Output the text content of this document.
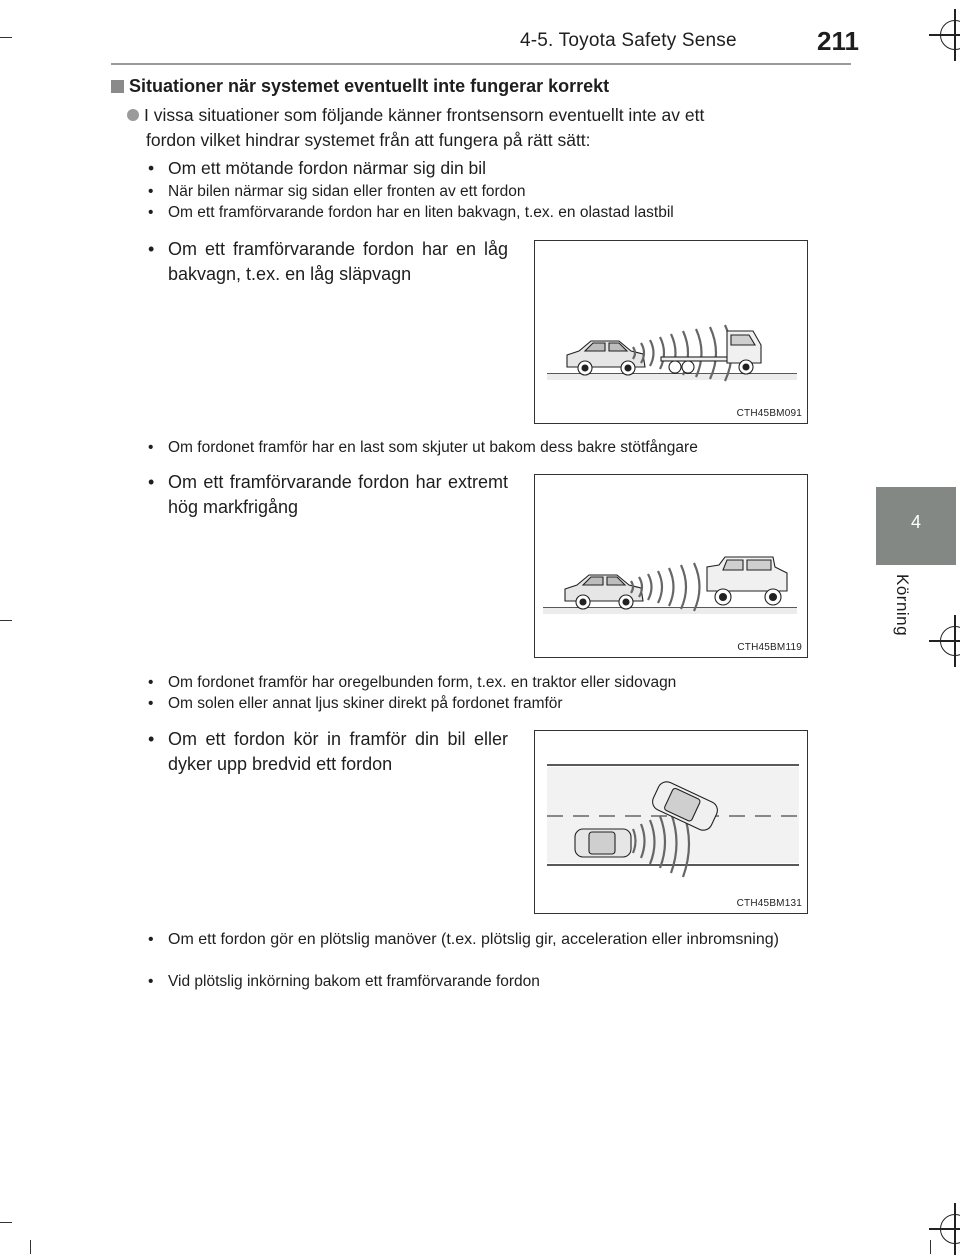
4-5. Toyota Safety Sense	211
4
Körning
Situationer när systemet eventuellt inte fungerar korrekt

I vissa situationer som följande känner frontsensorn eventuellt inte av ett

fordon vilket hindrar systemet från att fungera på rätt sätt:

• Om ett mötande fordon närmar sig din bil
• När bilen närmar sig sidan eller fronten av ett fordon
• Om ett framförvarande fordon har en liten bakvagn, t.ex. en olastad lastbil
• Om ett framförvarande fordon har en låg bakvagn, t.ex. en låg släpvagn
CTH45BM091
• Om fordonet framför har en last som skjuter ut bakom dess bakre stötfångare
• Om ett framförvarande fordon har extremt hög markfrigång
CTH45BM119
• Om fordonet framför har oregelbunden form, t.ex. en traktor eller sidovagn
• Om solen eller annat ljus skiner direkt på fordonet framför
• Om ett fordon kör in framför din bil eller dyker upp bredvid ett fordon
CTH45BM131
• Om ett fordon gör en plötslig manöver (t.ex. plötslig gir, acceleration eller inbromsning)
• Vid plötslig inkörning bakom ett framförvarande fordon
